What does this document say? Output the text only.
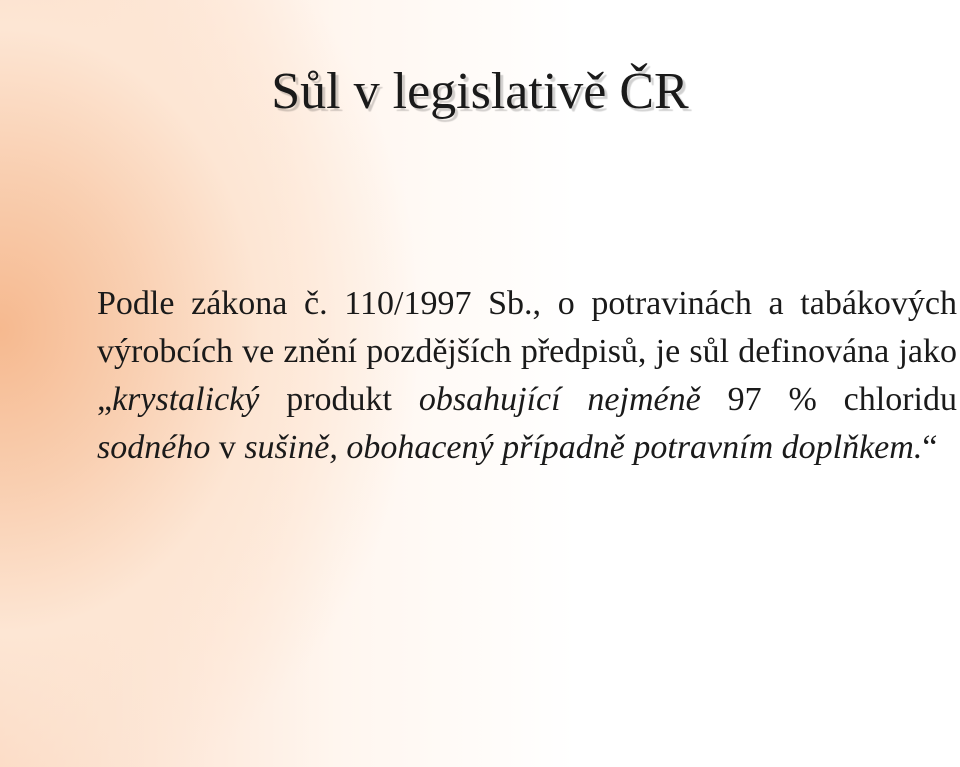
Sůl v legislativě ČR

Podle zákona č. 110/1997 Sb., o potravinách a tabákových výrobcích ve znění pozdějších předpisů, je sůl definována jako „krystalický produkt obsahující nejméně 97 % chloridu sodného v sušině, obohacený případně potravním doplňkem.“
